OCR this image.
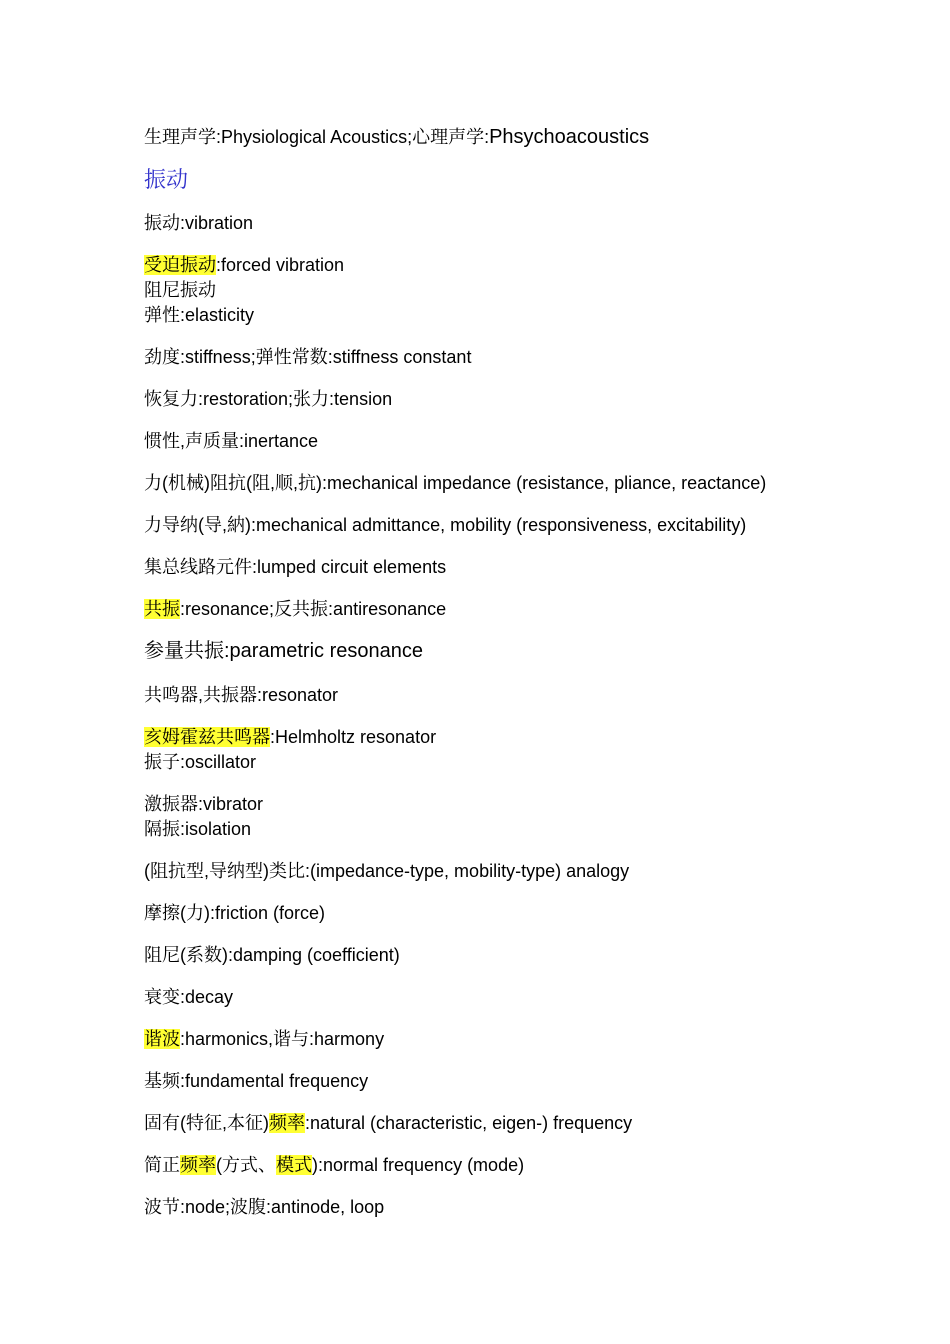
生理声学:Physiological Acoustics;心理声学:Phsychoacoustics
振动
振动:vibration
受迫振动:forced vibration
阻尼振动
弹性:elasticity
劲度:stiffness;弹性常数:stiffness constant
恢复力:restoration;张力:tension
惯性,声质量:inertance
力(机械)阻抗(阻,顺,抗):mechanical impedance (resistance, pliance, reactance)
力导纳(导,納):mechanical admittance, mobility (responsiveness, excitability)
集总线路元件:lumped circuit elements
共振:resonance;反共振:antiresonance
参量共振:parametric resonance
共鸣器,共振器:resonator
亥姆霍兹共鸣器:Helmholtz resonator
振子:oscillator
激振器:vibrator
隔振:isolation
(阻抗型,导纳型)类比:(impedance-type, mobility-type) analogy
摩擦(力):friction (force)
阻尼(系数):damping (coefficient)
衰变:decay
谐波:harmonics,谐与:harmony
基频:fundamental frequency
固有(特征,本征)频率:natural (characteristic, eigen-) frequency
简正频率(方式、模式):normal frequency (mode)
波节:node;波腹:antinode, loop
